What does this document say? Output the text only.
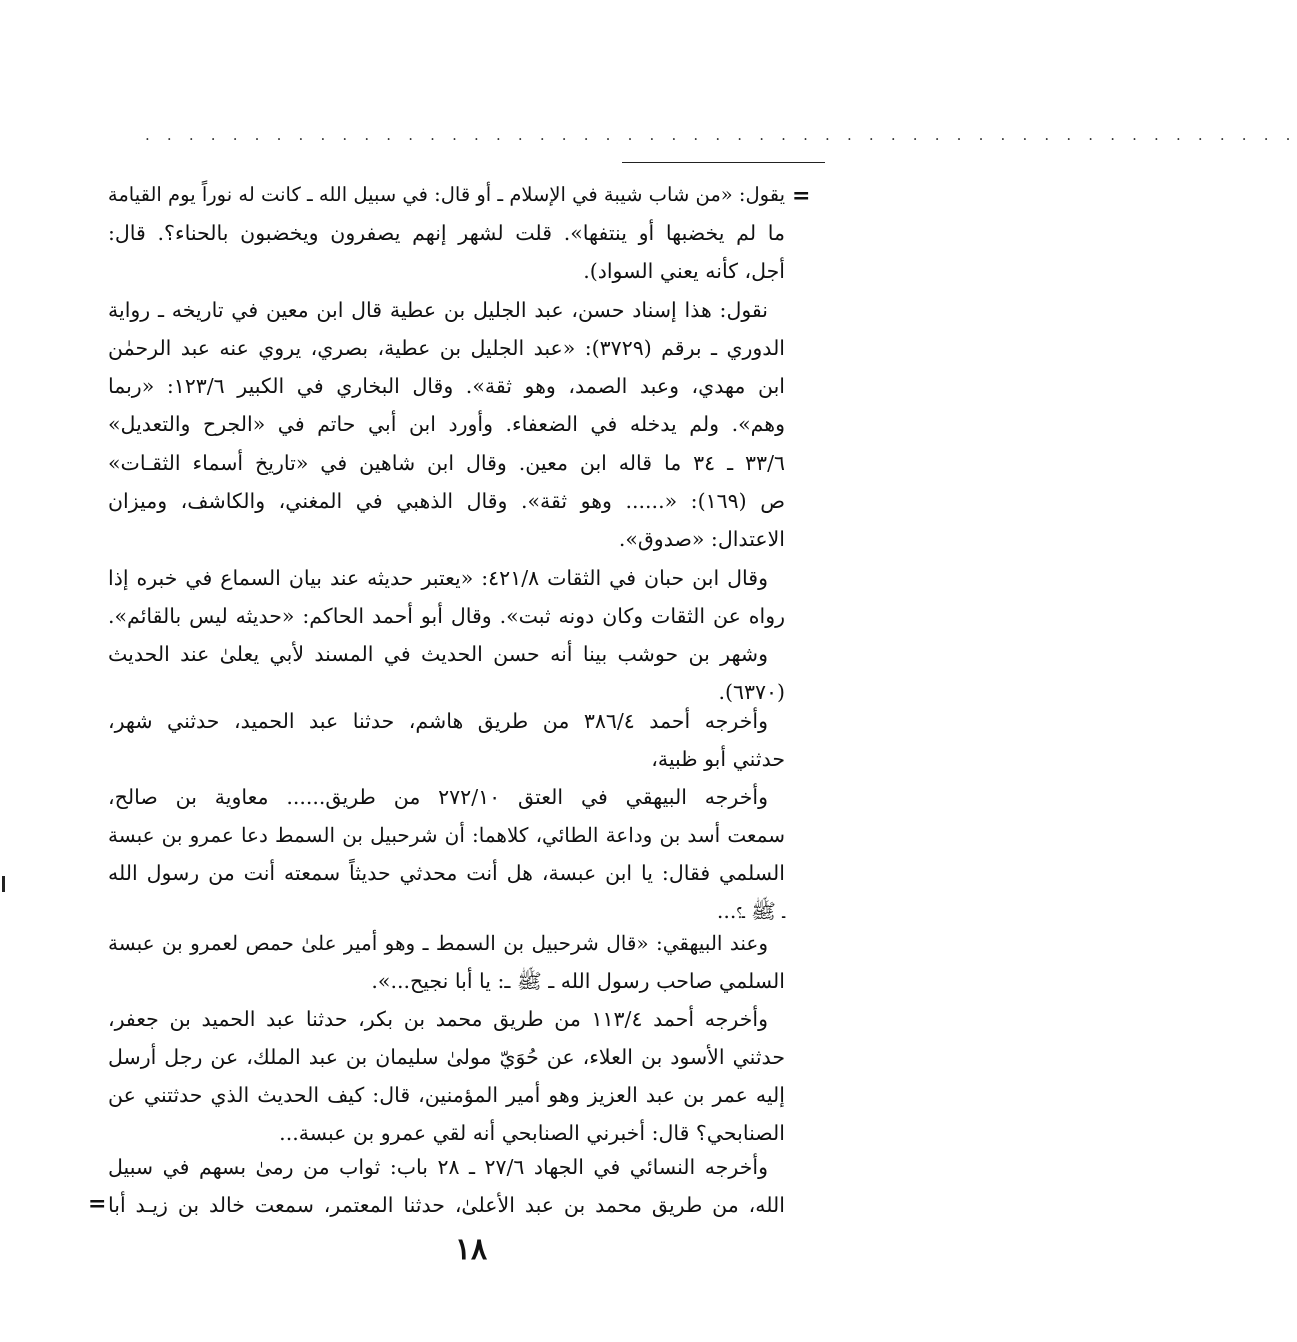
. . . . . . . . . . . . . . . . . . . . . . . . . . . . . . . . . . . . . . . . . . . . . . . . . . . . .
=
يقول: «من شاب شيبة في الإسلام ـ أو قال: في سبيل الله ـ كانت له نوراً يوم القيامة
ما لم يخضبها أو ينتفها». قلت لشهر إنهم يصفرون ويخضبون بالحناء؟. قال:
أجل، كأنه يعني السواد).
نقول: هذا إسناد حسن، عبد الجليل بن عطية قال ابن معين في تاريخه ـ رواية
الدوري ـ برقم (٣٧٢٩): «عبد الجليل بن عطية، بصري، يروي عنه عبد الرحمٰن
ابن مهدي، وعبد الصمد، وهو ثقة». وقال البخاري في الكبير ١٢٣/٦: «ربما
وهم». ولم يدخله في الضعفاء. وأورد ابن أبي حاتم في «الجرح والتعديل»
٣٣/٦ ـ ٣٤ ما قاله ابن معين. وقال ابن شاهين في «تاريخ أسماء الثقـات»
ص (١٦٩): «...... وهو ثقة». وقال الذهبي في المغني، والكاشف، وميزان
الاعتدال: «صدوق».
وقال ابن حبان في الثقات ٤٢١/٨: «يعتبر حديثه عند بيان السماع في خبره إذا
رواه عن الثقات وكان دونه ثبت». وقال أبو أحمد الحاكم: «حديثه ليس بالقائم».
وشهر بن حوشب بينا أنه حسن الحديث في المسند لأبي يعلىٰ عند الحديث
(٦٣٧٠).
وأخرجه أحمد ٣٨٦/٤ من طريق هاشم، حدثنا عبد الحميد، حدثني شهر،
حدثني أبو ظبية،
وأخرجه البيهقي في العتق ٢٧٢/١٠ من طريق...... معاوية بن صالح،
سمعت أسد بن وداعة الطائي، كلاهما: أن شرحبيل بن السمط دعا عمرو بن عبسة
السلمي فقال: يا ابن عبسة، هل أنت محدثي حديثاً سمعته أنت من رسول الله
ـ ﷺ ـ؟...
وعند البيهقي: «قال شرحبيل بن السمط ـ وهو أمير علىٰ حمص لعمرو بن عبسة
السلمي صاحب رسول الله ـ ﷺ ـ: يا أبا نجيح...».
وأخرجه أحمد ١١٣/٤ من طريق محمد بن بكر، حدثنا عبد الحميد بن جعفر،
حدثني الأسود بن العلاء، عن حُوَيّ مولىٰ سليمان بن عبد الملك، عن رجل أرسل
إليه عمر بن عبد العزيز وهو أمير المؤمنين، قال: كيف الحديث الذي حدثتني عن
الصنابحي؟ قال: أخبرني الصنابحي أنه لقي عمرو بن عبسة...
وأخرجه النسائي في الجهاد ٢٧/٦ ـ ٢٨ باب: ثواب من رمىٰ بسهم في سبيل
الله، من طريق محمد بن عبد الأعلىٰ، حدثنا المعتمر، سمعت خالد بن زيـد أبا
=
١٨
